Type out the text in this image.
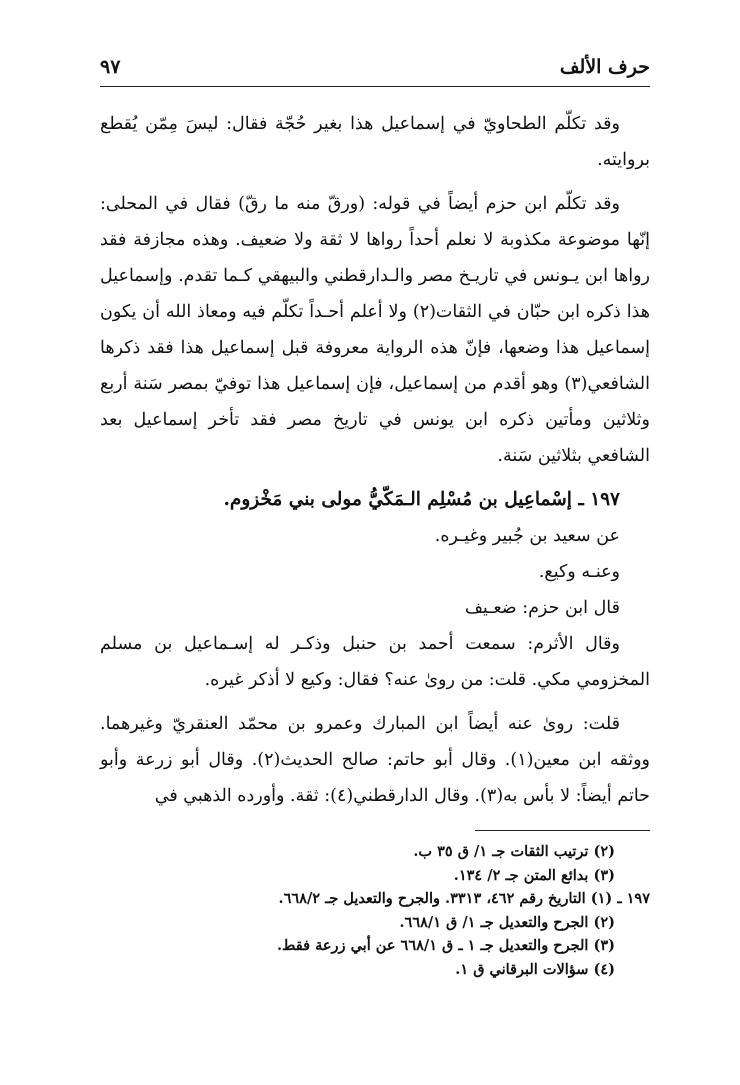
حرف الألف
٩٧

وقد تكلّم الطحاويّ في إسماعيل هذا بغير حُجّة فقال: ليسَ مِمّن يُقطع بروايته.

وقد تكلّم ابن حزم أيضاً في قوله: (ورقّ منه ما رقّ) فقال في المحلى: إنّها موضوعة مكذوبة لا نعلم أحداً رواها لا ثقة ولا ضعيف. وهذه مجازفة فقد رواها ابن يـونس في تاريـخ مصر والـدارقطني والبيهقي كـما تقدم. وإسماعيل هذا ذكره ابن حبّان في الثقات(٢) ولا أعلم أحـداً تكلّم فيه ومعاذ الله أن يكون إسماعيل هذا وضعها، فإنّ هذه الرواية معروفة قبل إسماعيل هذا فقد ذكرها الشافعي(٣) وهو أقدم من إسماعيل، فإن إسماعيل هذا توفيّ بمصر سَنة أربع وثلاثين ومأتين ذكره ابن يونس في تاريخ مصر فقد تأخر إسماعيل بعد الشافعي بثلاثين سَنة.

١٩٧ ـ إسْماعِيل بن مُسْلِم الـمَكّيُّ مولى بني مَخْزوم.

عن سعيد بن جُبير وغيـره.

وعنـه وكيع.

قال ابن حزم: ضعـيف

وقال الأثرم: سمعت أحمد بن حنبل وذكـر له إسـماعيل بن مسلم المخزومي مكي. قلت: من روىٰ عنه؟ فقال: وكيع لا أذكر غيره.

قلت: روىٰ عنه أيضاً ابن المبارك وعمرو بن محمّد العنقريّ وغيرهما. ووثقه ابن معين(١). وقال أبو حاتم: صالح الحديث(٢). وقال أبو زرعة وأبو حاتم أيضاً: لا بأس به(٣). وقال الدارقطني(٤): ثقة. وأورده الذهبي في

(٢) ترتيب الثقات جـ ١/ ق ٣٥ ب.
(٣) بدائع المتن جـ ٢/ ١٣٤.
١٩٧ ـ (١) التاريخ رقم ٤٦٢، ٣٣١٣. والجرح والتعديل جـ ٦٦٨/٢.
(٢) الجرح والتعديل جـ ١/ ق ٦٦٨/١.
(٣) الجرح والتعديل جـ ١ ـ ق ٦٦٨/١ عن أبي زرعة فقط.
(٤) سؤالات البرقاني ق ١.
